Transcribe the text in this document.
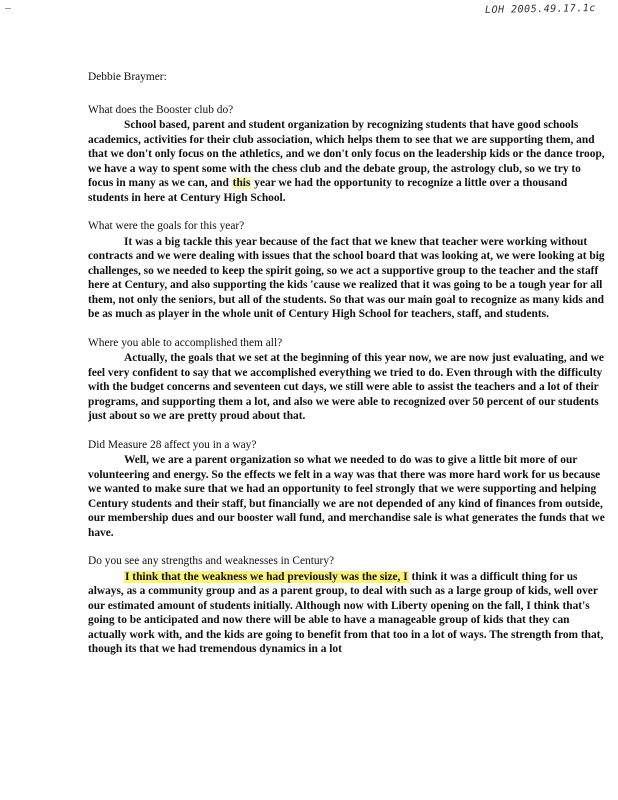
LOH 2005.49.17.1c

Debbie Braymer:

What does the Booster club do?

School based, parent and student organization by recognizing students that have good schools academics, activities for their club association, which helps them to see that we are supporting them, and that we don't only focus on the athletics, and we don't only focus on the leadership kids or the dance troop, we have a way to spent some with the chess club and the debate group, the astrology club, so we try to focus in many as we can, and this year we had the opportunity to recognize a little over a thousand students in here at Century High School.

What were the goals for this year?

It was a big tackle this year because of the fact that we knew that teacher were working without contracts and we were dealing with issues that the school board that was looking at, we were looking at big challenges, so we needed to keep the spirit going, so we act a supportive group to the teacher and the staff here at Century, and also supporting the kids 'cause we realized that it was going to be a tough year for all them, not only the seniors, but all of the students. So that was our main goal to recognize as many kids and be as much as player in the whole unit of Century High School for teachers, staff, and students.

Where you able to accomplished them all?

Actually, the goals that we set at the beginning of this year now, we are now just evaluating, and we feel very confident to say that we accomplished everything we tried to do. Even through with the difficulty with the budget concerns and seventeen cut days, we still were able to assist the teachers and a lot of their programs, and supporting them a lot, and also we were able to recognized over 50 percent of our students just about so we are pretty proud about that.

Did Measure 28 affect you in a way?

Well, we are a parent organization so what we needed to do was to give a little bit more of our volunteering and energy. So the effects we felt in a way was that there was more hard work for us because we wanted to make sure that we had an opportunity to feel strongly that we were supporting and helping Century students and their staff, but financially we are not depended of any kind of finances from outside, our membership dues and our booster wall fund, and merchandise sale is what generates the funds that we have.

Do you see any strengths and weaknesses in Century?

I think that the weakness we had previously was the size, I think it was a difficult thing for us always, as a community group and as a parent group, to deal with such as a large group of kids, well over our estimated amount of students initially. Although now with Liberty opening on the fall, I think that's going to be anticipated and now there will be able to have a manageable group of kids that they can actually work with, and the kids are going to benefit from that too in a lot of ways. The strength from that, though its that we had tremendous dynamics in a lot
